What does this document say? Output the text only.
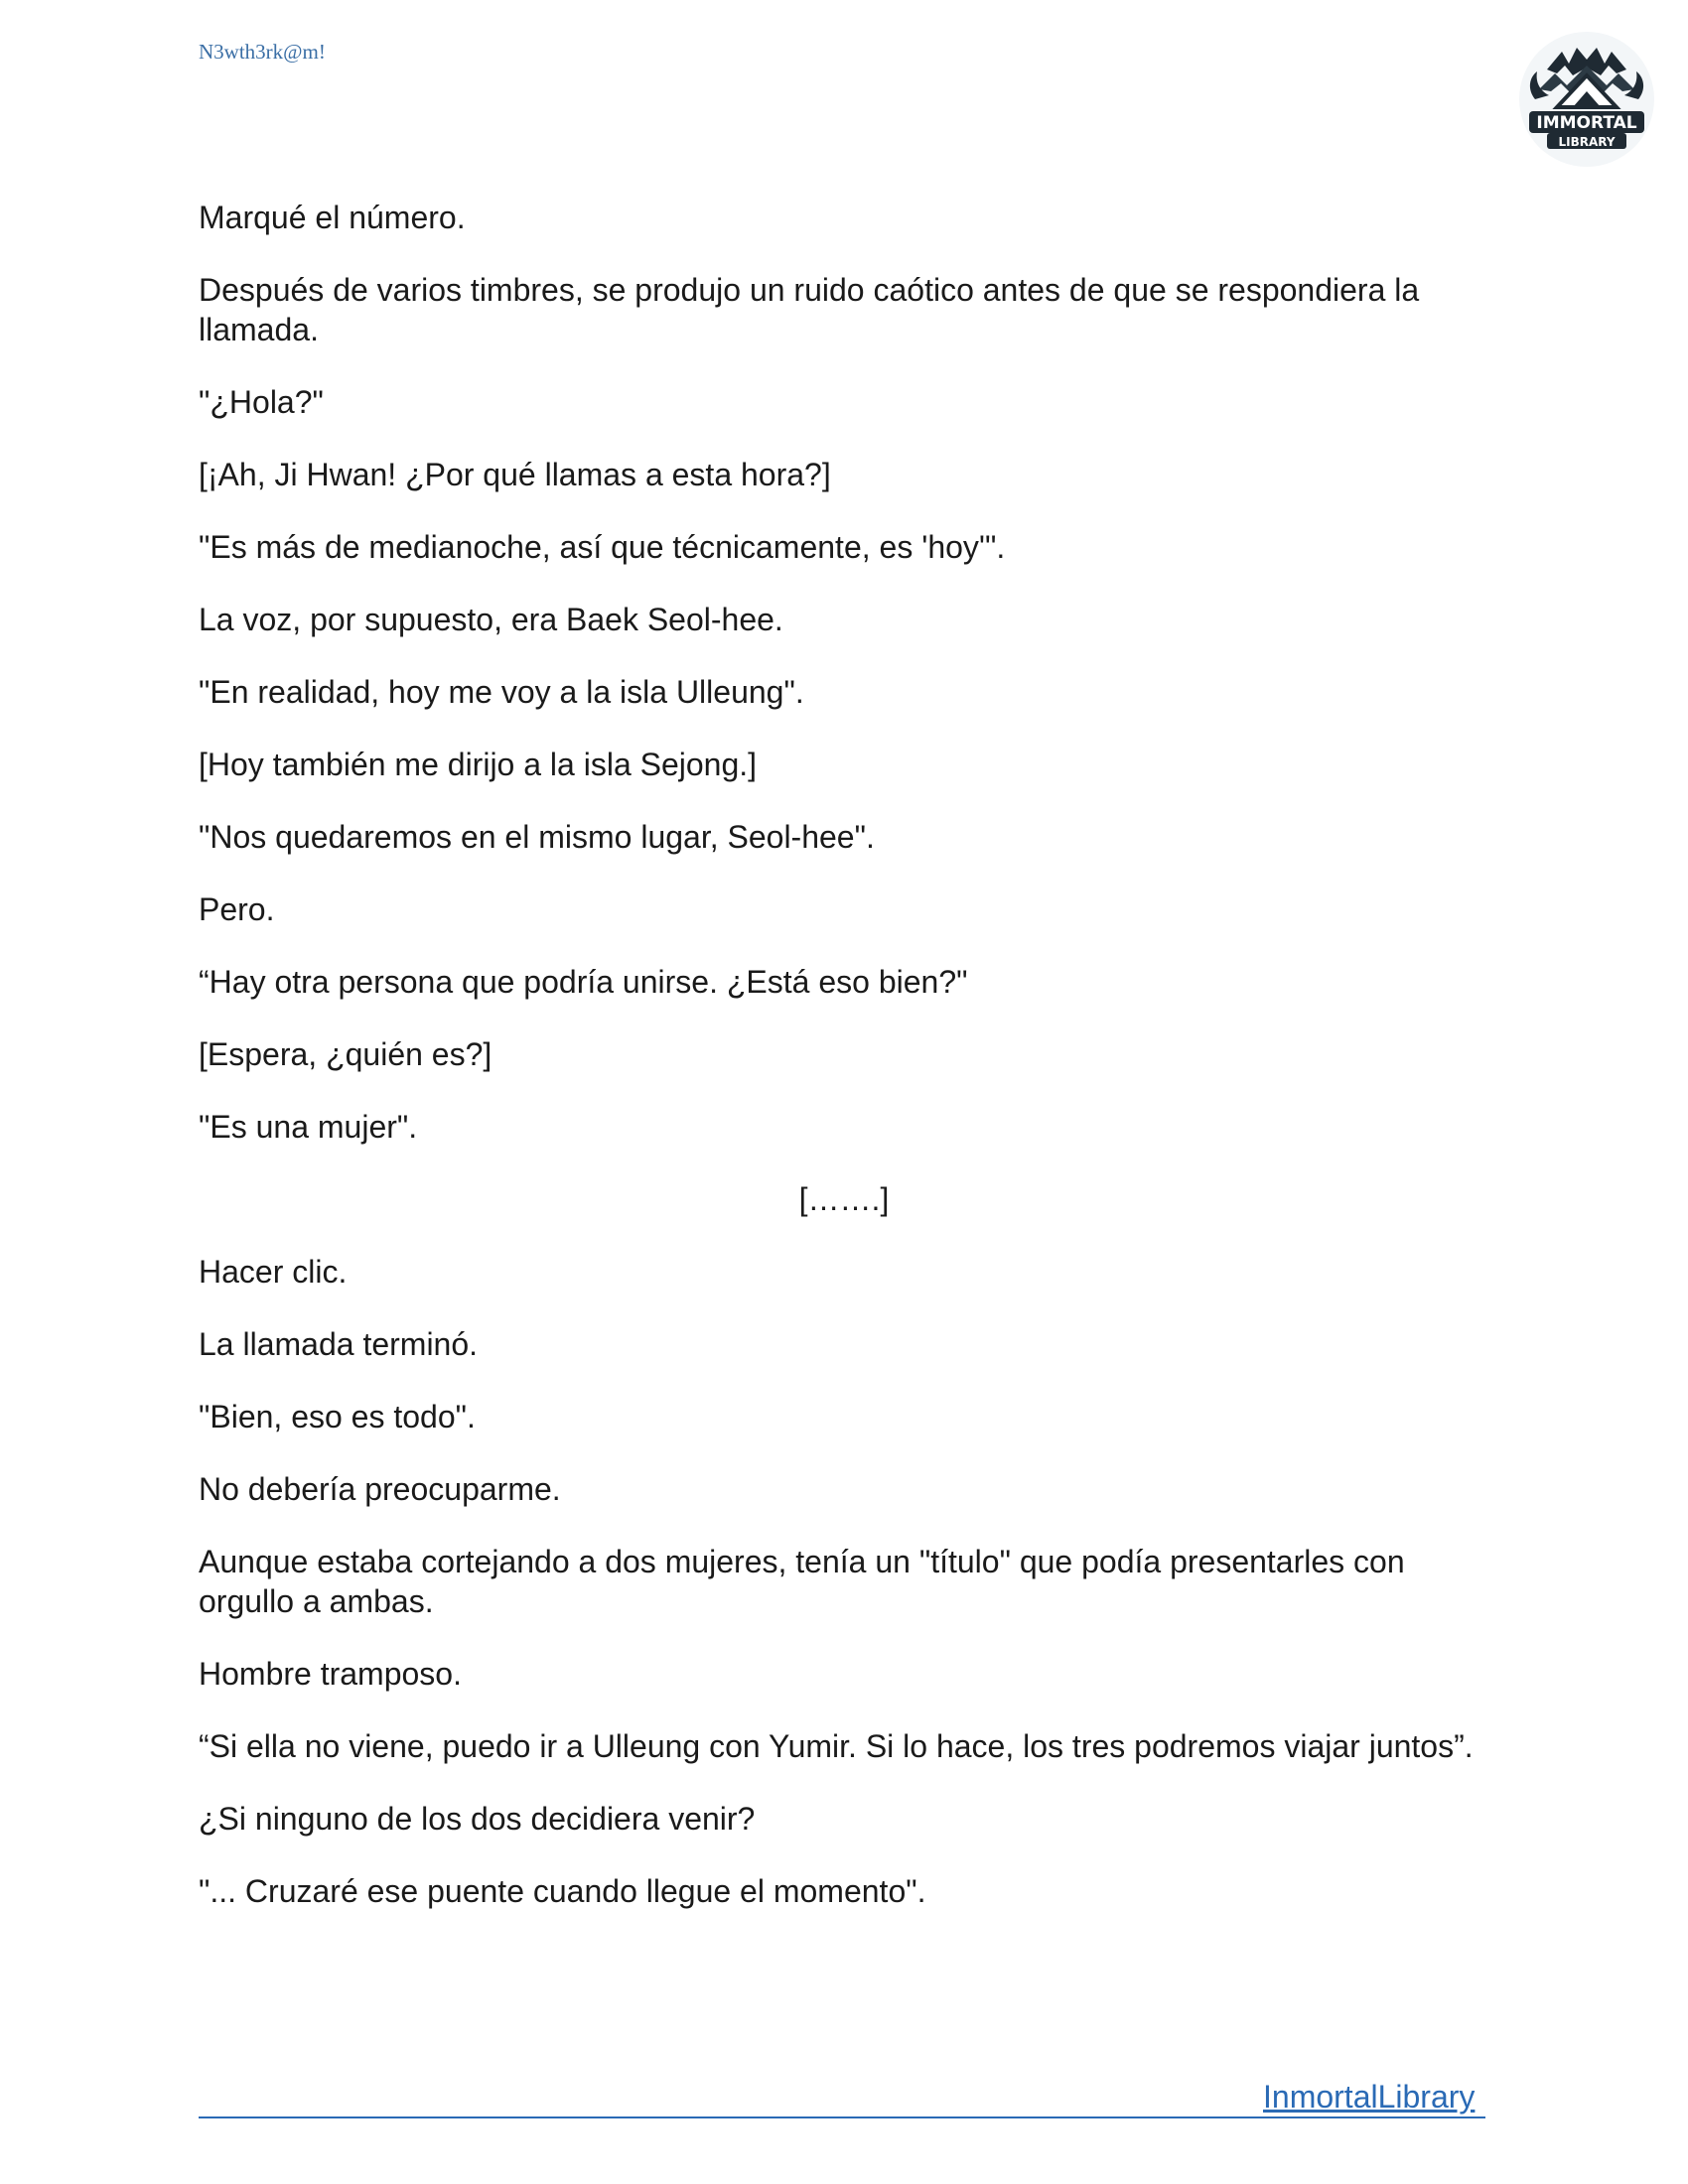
N3wth3rk@m!
IMMORTAL
LIBRARY

Marqué el número.

Después de varios timbres, se produjo un ruido caótico antes de que se respondiera la llamada.

"¿Hola?"

[¡Ah, Ji Hwan! ¿Por qué llamas a esta hora?]

"Es más de medianoche, así que técnicamente, es 'hoy'".

La voz, por supuesto, era Baek Seol-hee.

"En realidad, hoy me voy a la isla Ulleung".

[Hoy también me dirijo a la isla Sejong.]

"Nos quedaremos en el mismo lugar, Seol-hee".

Pero.

“Hay otra persona que podría unirse. ¿Está eso bien?"

[Espera, ¿quién es?]

"Es una mujer".

[…….]

Hacer clic.

La llamada terminó.

"Bien, eso es todo".

No debería preocuparme.

Aunque estaba cortejando a dos mujeres, tenía un "título" que podía presentarles con orgullo a ambas.

Hombre tramposo.

“Si ella no viene, puedo ir a Ulleung con Yumir. Si lo hace, los tres podremos viajar juntos”.

¿Si ninguno de los dos decidiera venir?

"... Cruzaré ese puente cuando llegue el momento".

InmortalLibrary
